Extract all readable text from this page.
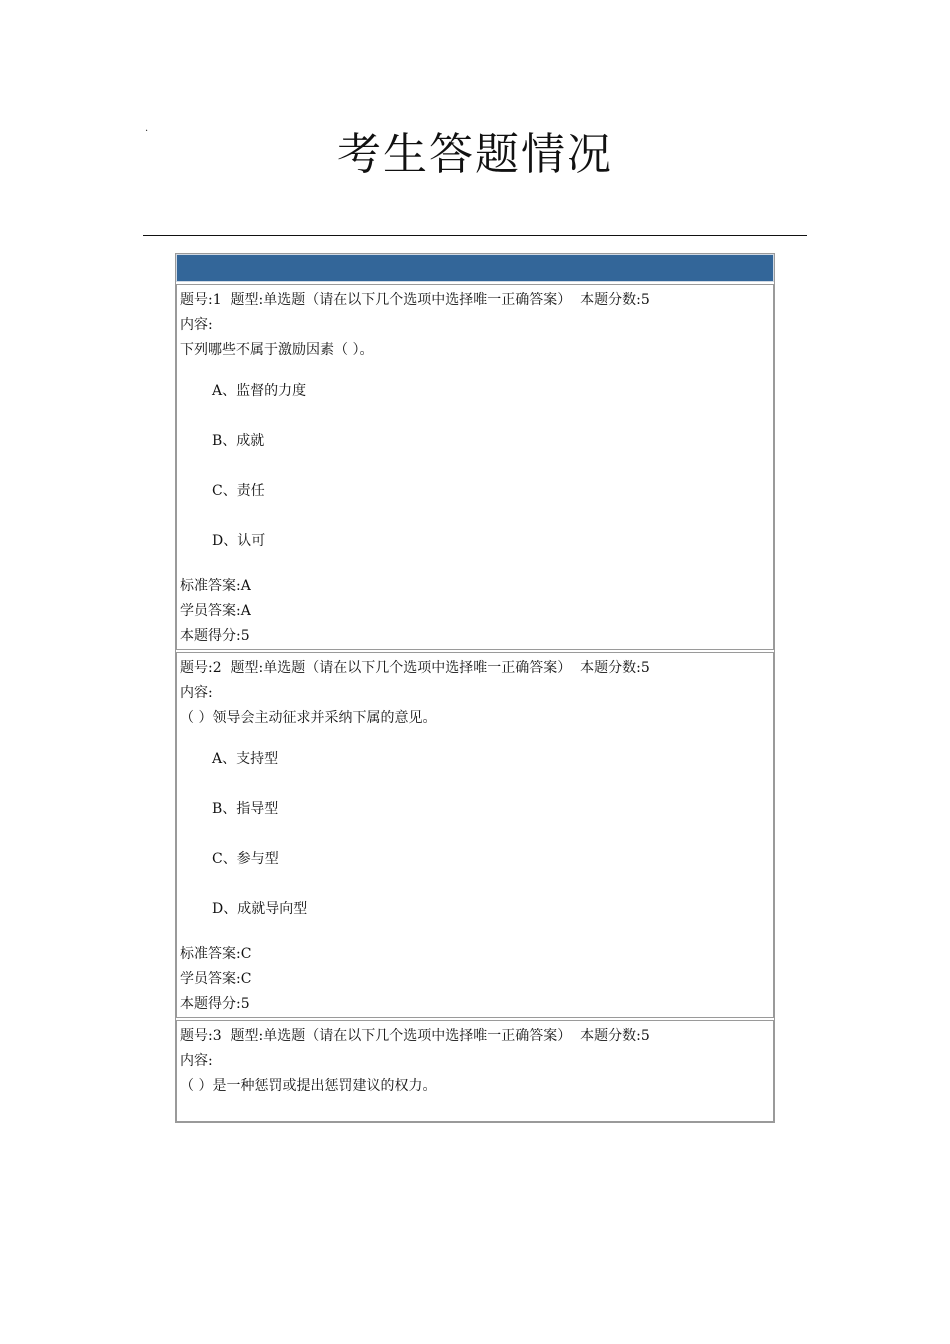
·	考生答题情况
题号:1  题型:单选题（请在以下几个选项中选择唯一正确答案）  本题分数:5
内容:
下列哪些不属于激励因素（ ）。
A、监督的力度
B、成就
C、责任
D、认可
标准答案:A
学员答案:A
本题得分:5
题号:2  题型:单选题（请在以下几个选项中选择唯一正确答案）  本题分数:5
内容:
（ ）领导会主动征求并采纳下属的意见。
A、支持型
B、指导型
C、参与型
D、成就导向型
标准答案:C
学员答案:C
本题得分:5
题号:3  题型:单选题（请在以下几个选项中选择唯一正确答案）  本题分数:5
内容:
（ ）是一种惩罚或提出惩罚建议的权力。
